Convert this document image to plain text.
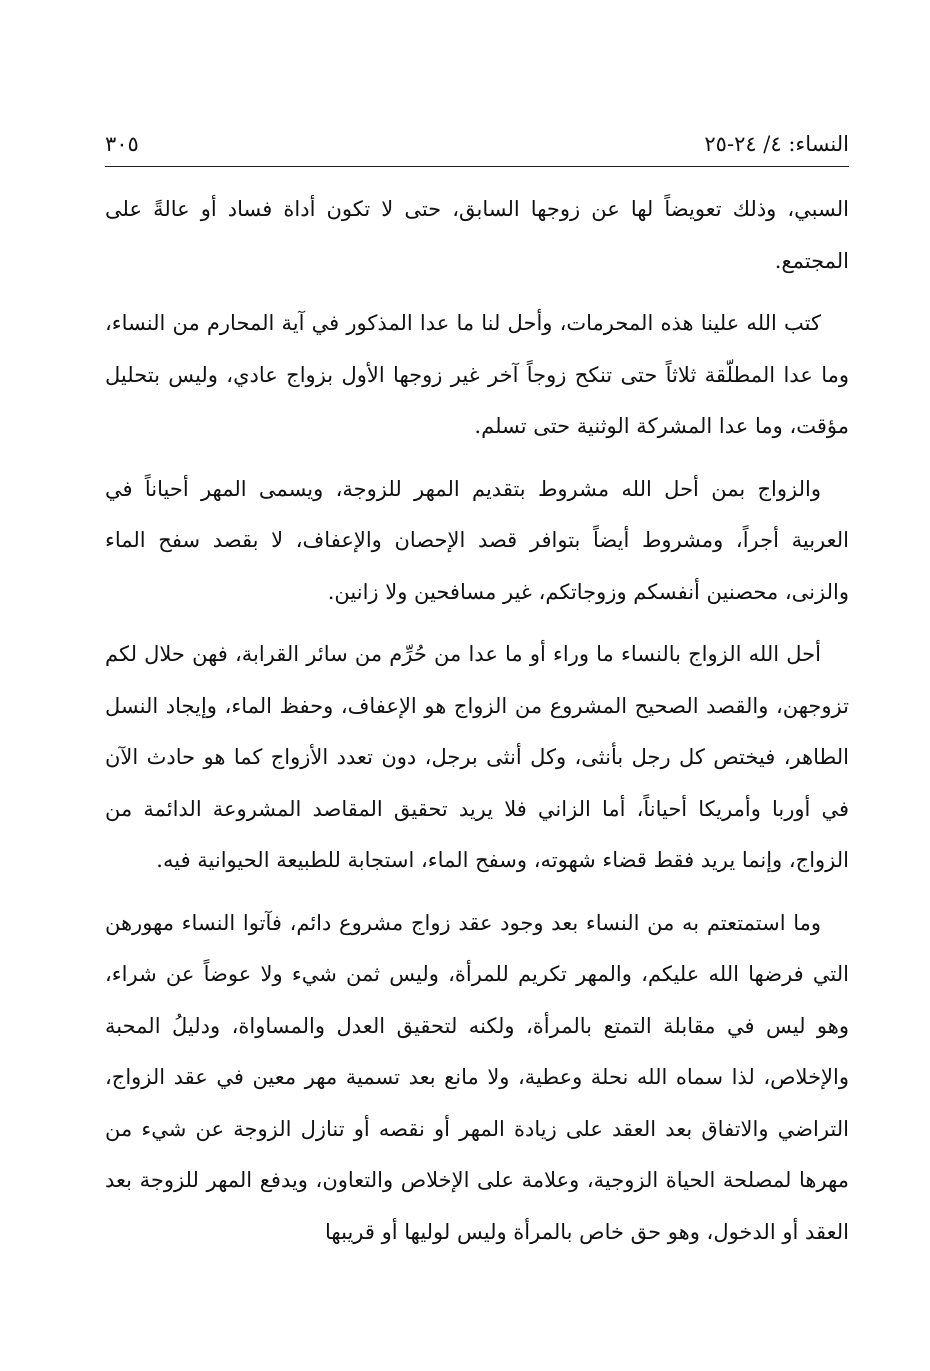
النساء: ٤/ ٢٤-٢٥
٣٠٥

السبي، وذلك تعويضاً لها عن زوجها السابق، حتى لا تكون أداة فساد أو عالةً على المجتمع.

كتب الله علينا هذه المحرمات، وأحل لنا ما عدا المذكور في آية المحارم من النساء، وما عدا المطلّقة ثلاثاً حتى تنكح زوجاً آخر غير زوجها الأول بزواج عادي، وليس بتحليل مؤقت، وما عدا المشركة الوثنية حتى تسلم.

والزواج بمن أحل الله مشروط بتقديم المهر للزوجة، ويسمى المهر أحياناً في العربية أجراً، ومشروط أيضاً بتوافر قصد الإحصان والإعفاف، لا بقصد سفح الماء والزنى، محصنين أنفسكم وزوجاتكم، غير مسافحين ولا زانين.

أحل الله الزواج بالنساء ما وراء أو ما عدا من حُرِّم من سائر القرابة، فهن حلال لكم تزوجهن، والقصد الصحيح المشروع من الزواج هو الإعفاف، وحفظ الماء، وإيجاد النسل الطاهر، فيختص كل رجل بأنثى، وكل أنثى برجل، دون تعدد الأزواج كما هو حادث الآن في أوربا وأمريكا أحياناً، أما الزاني فلا يريد تحقيق المقاصد المشروعة الدائمة من الزواج، وإنما يريد فقط قضاء شهوته، وسفح الماء، استجابة للطبيعة الحيوانية فيه.

وما استمتعتم به من النساء بعد وجود عقد زواج مشروع دائم، فآتوا النساء مهورهن التي فرضها الله عليكم، والمهر تكريم للمرأة، وليس ثمن شيء ولا عوضاً عن شراء، وهو ليس في مقابلة التمتع بالمرأة، ولكنه لتحقيق العدل والمساواة، ودليلُ المحبة والإخلاص، لذا سماه الله نحلة وعطية، ولا مانع بعد تسمية مهر معين في عقد الزواج، التراضي والاتفاق بعد العقد على زيادة المهر أو نقصه أو تنازل الزوجة عن شيء من مهرها لمصلحة الحياة الزوجية، وعلامة على الإخلاص والتعاون، ويدفع المهر للزوجة بعد العقد أو الدخول، وهو حق خاص بالمرأة وليس لوليها أو قريبها
